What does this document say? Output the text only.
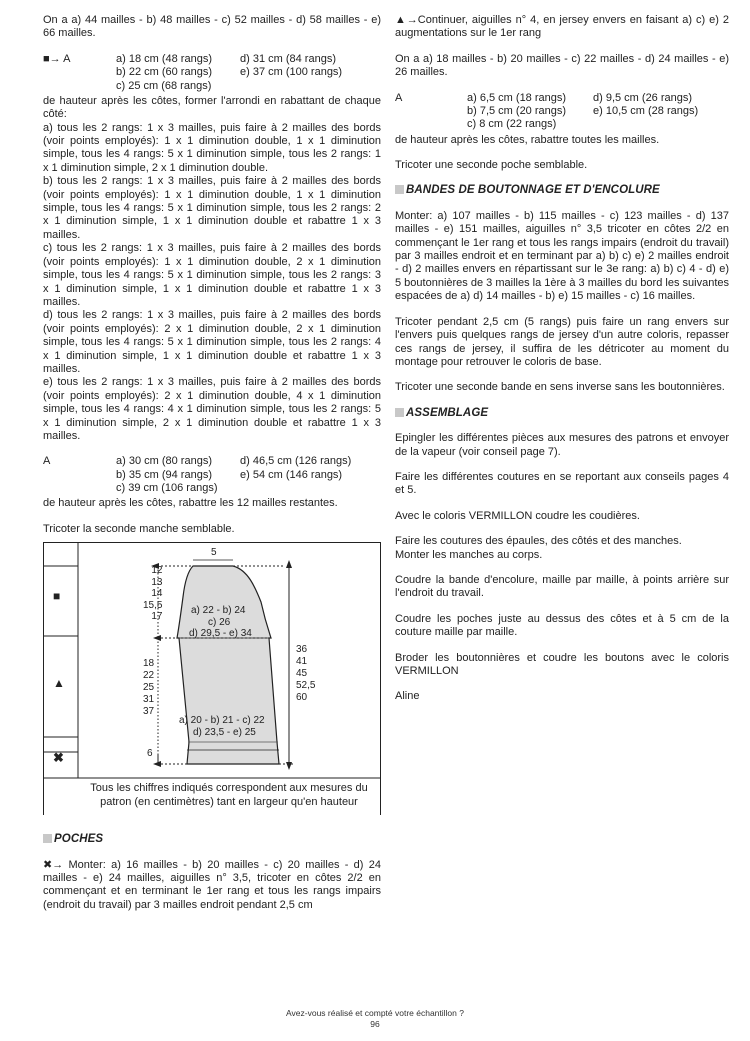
On a a) 44 mailles - b) 48 mailles - c) 52 mailles - d) 58 mailles - e) 66 mailles.

■→ A	a) 18 cm (48 rangs)	d) 31 cm (84 rangs)
b) 22 cm (60 rangs)	e) 37 cm (100 rangs)
c) 25 cm (68 rangs)

de hauteur après les côtes, former l'arrondi en rabattant de chaque côté:

a) tous les 2 rangs: 1 x 3 mailles, puis faire à 2 mailles des bords (voir points employés): 1 x 1 diminution double, 1 x 1 diminution simple, tous les 4 rangs: 5 x 1 diminution simple, tous les 2 rangs: 1 x 1 diminution simple, 2 x 1 diminution double.

b) tous les 2 rangs: 1 x 3 mailles, puis faire à 2 mailles des bords (voir points employés): 1 x 1 diminution double, 1 x 1 diminution simple, tous les 4 rangs: 5 x 1 diminution simple, tous les 2 rangs: 2 x 1 diminution simple, 1 x 1 diminution double et rabattre 1 x 3 mailles.

c) tous les 2 rangs: 1 x 3 mailles, puis faire à 2 mailles des bords (voir points employés): 1 x 1 diminution double, 2 x 1 diminution simple, tous les 4 rangs: 5 x 1 diminution simple, tous les 2 rangs: 3 x 1 diminution simple, 1 x 1 diminution double et rabattre 1 x 3 mailles.

d) tous les 2 rangs: 1 x 3 mailles, puis faire à 2 mailles des bords (voir points employés): 2 x 1 diminution double, 2 x 1 diminution simple, tous les 4 rangs: 5 x 1 diminution simple, tous les 2 rangs: 4 x 1 diminution simple, 1 x 1 diminution double et rabattre 1 x 3 mailles.

e) tous les 2 rangs: 1 x 3 mailles, puis faire à 2 mailles des bords (voir points employés): 2 x 1 diminution double, 4 x 1 diminution simple, tous les 4 rangs: 4 x 1 diminution simple, tous les 2 rangs: 5 x 1 diminution simple, 2 x 1 diminution double et rabattre 1 x 3 mailles.

A	a) 30 cm (80 rangs)	d) 46,5 cm (126 rangs)
b) 35 cm (94 rangs)	e) 54 cm (146 rangs)
c) 39 cm (106 rangs)

de hauteur après les côtes, rabattre les 12 mailles restantes.

Tricoter la seconde manche semblable.

■
▲
✖
5
12
13
14
15,5
17
18
22
25
31
37
6
a) 22 - b) 24
c) 26
d) 29,5 - e) 34
36
41
45
52,5
60
a) 20 - b) 21 - c) 22
d) 23,5 - e) 25
Tous les chiffres indiqués correspondent aux mesures du patron (en centimètres) tant en largeur qu'en hauteur
POCHES

✖→ Monter: a) 16 mailles - b) 20 mailles - c) 20 mailles - d) 24 mailles - e) 24 mailles, aiguilles n° 3,5, tricoter en côtes 2/2 en commençant et en terminant le 1er rang et tous les rangs impairs (endroit du travail) par 3 mailles endroit pendant 2,5 cm

▲→Continuer, aiguilles n° 4, en jersey envers en faisant a) c) e) 2 augmentations sur le 1er rang

On a a) 18 mailles - b) 20 mailles - c) 22 mailles - d) 24 mailles - e) 26 mailles.

A	a) 6,5 cm (18 rangs) d) 9,5 cm (26 rangs)
b) 7,5 cm (20 rangs) e) 10,5 cm (28 rangs)
c) 8 cm (22 rangs)

de hauteur après les côtes, rabattre toutes les mailles.

Tricoter une seconde poche semblable.

BANDES DE BOUTONNAGE ET D'ENCOLURE

Monter: a) 107 mailles - b) 115 mailles - c) 123 mailles - d) 137 mailles - e) 151 mailles, aiguilles n° 3,5 tricoter en côtes 2/2 en commençant le 1er rang et tous les rangs impairs (endroit du travail) par 3 mailles endroit et en terminant par a) b) c) e) 2 mailles endroit - d) 2 mailles envers en répartissant sur le 3e rang: a) b) c) 4 - d) e) 5 boutonnières de 3 mailles la 1ère à 3 mailles du bord les suivantes espacées de a) d) 14 mailles - b) e) 15 mailles - c) 16 mailles.

Tricoter pendant 2,5 cm (5 rangs) puis faire un rang envers sur l'envers puis quelques rangs de jersey d'un autre coloris, repasser ces rangs de jersey, il suffira de les détricoter au moment du montage pour retrouver le coloris de base.

Tricoter une seconde bande en sens inverse sans les boutonnières.

ASSEMBLAGE

Epingler les différentes pièces aux mesures des patrons et envoyer de la vapeur (voir conseil page 7).

Faire les différentes coutures en se reportant aux conseils pages 4 et 5.

Avec le coloris VERMILLON coudre les coudières.

Faire les coutures des épaules, des côtés et des manches.

Monter les manches au corps.

Coudre la bande d'encolure, maille par maille, à points arrière sur l'endroit du travail.

Coudre les poches juste au dessus des côtes et à 5 cm de la couture maille par maille.

Broder les boutonnières et coudre les boutons avec le coloris VERMILLON

Aline

Avez-vous réalisé et compté votre échantillon ?
96
